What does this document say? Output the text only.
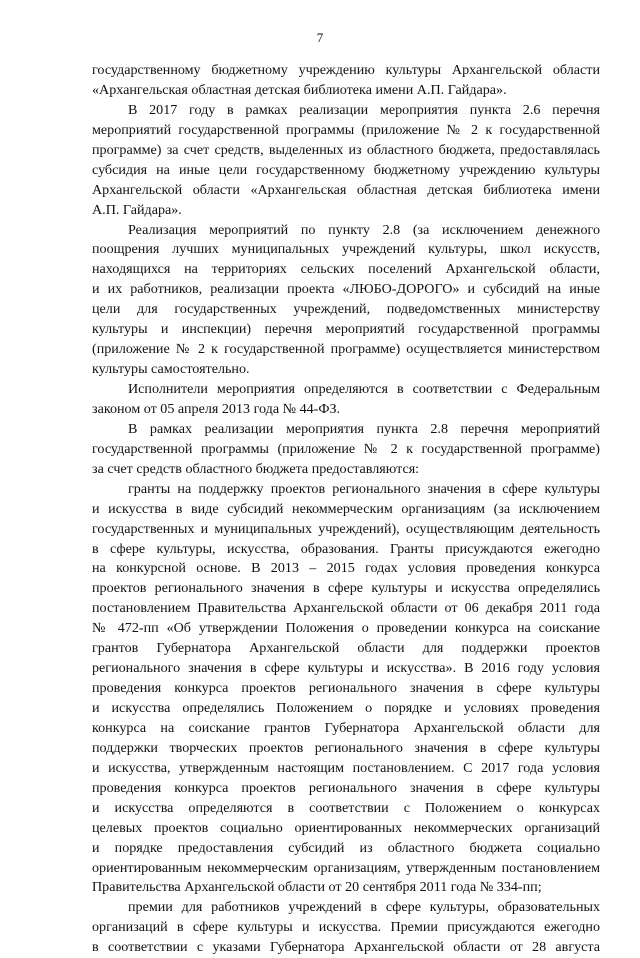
7
государственному бюджетному учреждению культуры Архангельской области
«Архангельская областная детская библиотека имени А.П. Гайдара».
В 2017 году в рамках реализации мероприятия пункта 2.6 перечня
мероприятий государственной программы (приложение № 2 к государственной
программе) за счет средств, выделенных из областного бюджета, предоставлялась
субсидия на иные цели государственному бюджетному учреждению культуры
Архангельской области «Архангельская областная детская библиотека имени
А.П. Гайдара».
Реализация мероприятий по пункту 2.8 (за исключением денежного
поощрения лучших муниципальных учреждений культуры, школ искусств,
находящихся на территориях сельских поселений Архангельской области,
и их работников, реализации проекта «ЛЮБО-ДОРОГО» и субсидий на иные
цели для государственных учреждений, подведомственных министерству
культуры и инспекции) перечня мероприятий государственной программы
(приложение № 2 к государственной программе) осуществляется министерством
культуры самостоятельно.
Исполнители мероприятия определяются в соответствии с Федеральным
законом от 05 апреля 2013 года № 44-ФЗ.
В рамках реализации мероприятия пункта 2.8 перечня мероприятий
государственной программы (приложение № 2 к государственной программе)
за счет средств областного бюджета предоставляются:
гранты на поддержку проектов регионального значения в сфере культуры
и искусства в виде субсидий некоммерческим организациям (за исключением
государственных и муниципальных учреждений), осуществляющим деятельность
в сфере культуры, искусства, образования. Гранты присуждаются ежегодно
на конкурсной основе. В 2013 – 2015 годах условия проведения конкурса
проектов регионального значения в сфере культуры и искусства определялись
постановлением Правительства Архангельской области от 06 декабря 2011 года
№ 472-пп «Об утверждении Положения о проведении конкурса на соискание
грантов Губернатора Архангельской области для поддержки проектов
регионального значения в сфере культуры и искусства». В 2016 году условия
проведения конкурса проектов регионального значения в сфере культуры
и искусства определялись Положением о порядке и условиях проведения
конкурса на соискание грантов Губернатора Архангельской области для
поддержки творческих проектов регионального значения в сфере культуры
и искусства, утвержденным настоящим постановлением. С 2017 года условия
проведения конкурса проектов регионального значения в сфере культуры
и искусства определяются в соответствии с Положением о конкурсах
целевых проектов социально ориентированных некоммерческих организаций
и порядке предоставления субсидий из областного бюджета социально
ориентированным некоммерческим организациям, утвержденным постановлением
Правительства Архангельской области от 20 сентября 2011 года № 334-пп;
премии для работников учреждений в сфере культуры, образовательных
организаций в сфере культуры и искусства. Премии присуждаются ежегодно
в соответствии с указами Губернатора Архангельской области от 28 августа
